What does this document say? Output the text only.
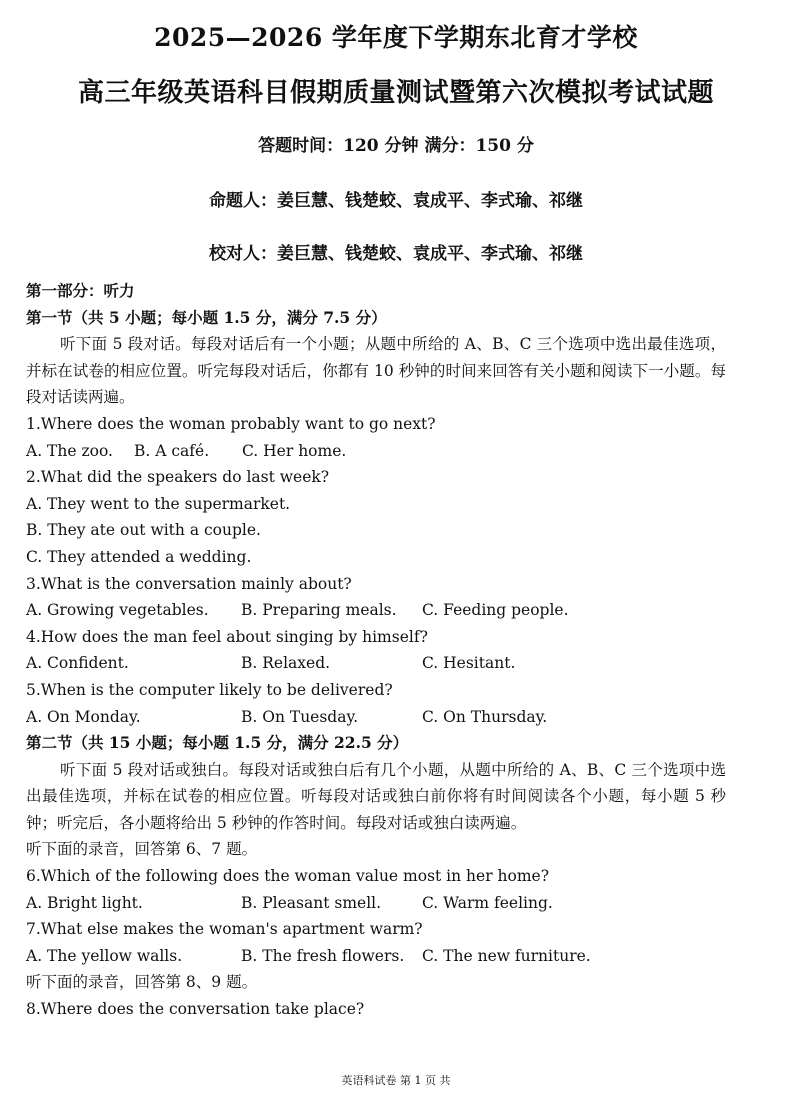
2025—2026 学年度下学期东北育才学校
高三年级英语科目假期质量测试暨第六次模拟考试试题
答题时间：120 分钟 满分：150 分
命题人：姜巨慧、钱楚蛟、袁成平、李式瑜、祁继
校对人：姜巨慧、钱楚蛟、袁成平、李式瑜、祁继
第一部分：听力
第一节（共 5 小题；每小题 1.5 分，满分 7.5 分）
听下面 5 段对话。每段对话后有一个小题；从题中所给的 A、B、C 三个选项中选出最佳选项，并标在试卷的相应位置。听完每段对话后，你都有 10 秒钟的时间来回答有关小题和阅读下一小题。每段对话读两遍。
1.Where does the woman probably want to go next?
A. The zoo.	B. A café.	C. Her home.
2.What did the speakers do last week?
A. They went to the supermarket.
B. They ate out with a couple.
C. They attended a wedding.
3.What is the conversation mainly about?
A. Growing vegetables.	B. Preparing meals.	C. Feeding people.
4.How does the man feel about singing by himself?
A. Confident.	B. Relaxed.	C. Hesitant.
5.When is the computer likely to be delivered?
A. On Monday.	B. On Tuesday.	C. On Thursday.
第二节（共 15 小题；每小题 1.5 分，满分 22.5 分）
听下面 5 段对话或独白。每段对话或独白后有几个小题，从题中所给的 A、B、C 三个选项中选出最佳选项，并标在试卷的相应位置。听每段对话或独白前你将有时间阅读各个小题，每小题 5 秒钟；听完后，各小题将给出 5 秒钟的作答时间。每段对话或独白读两遍。
听下面的录音，回答第 6、7 题。
6.Which of the following does the woman value most in her home?
A. Bright light.	B. Pleasant smell.	C. Warm feeling.
7.What else makes the woman's apartment warm?
A. The yellow walls.	B. The fresh flowers.	C. The new furniture.
听下面的录音，回答第 8、9 题。
8.Where does the conversation take place?
英语科试卷 第 1 页 共
